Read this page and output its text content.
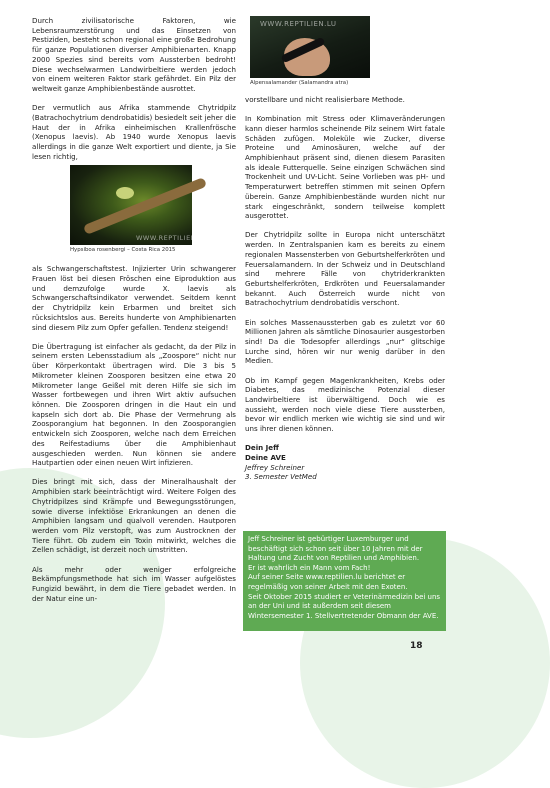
Durch zivilisatorische Faktoren, wie Lebensraumzerstörung und das Einsetzen von Pestiziden, besteht schon regional eine große Bedrohung für ganze Populationen diverser Amphibienarten. Knapp 2000 Spezies sind bereits vom Aussterben bedroht! Diese wechselwarmen Landwirbeltiere werden jedoch von einem weiteren Faktor stark gefährdet. Ein Pilz der weltweit ganze Amphibienbestände ausrottet.

Der vermutlich aus Afrika stammende Chytridpilz (Batrachochytrium dendrobatidis) besiedelt seit jeher die Haut der in Afrika einheimischen Krallenfrösche (Xenopus laevis). Ab 1940 wurde Xenopus laevis allerdings in die ganze Welt exportiert und diente, ja Sie lesen richtig,

WWW.REPTILIEN.LU
Hypsiboa rosenbergi – Costa Rica 2015

als Schwangerschaftstest. Injizierter Urin schwangerer Frauen löst bei diesen Fröschen eine Eiproduktion aus und demzufolge wurde X. laevis als Schwangerschaftsindikator verwendet. Seitdem kennt der Chytridpilz kein Erbarmen und breitet sich rücksichtslos aus. Bereits hunderte von Amphibienarten sind diesem Pilz zum Opfer gefallen. Tendenz steigend!

Die Übertragung ist einfacher als gedacht, da der Pilz in seinem ersten Lebensstadium als „Zoospore“ nicht nur über Körperkontakt übertragen wird. Die 3 bis 5 Mikrometer kleinen Zoosporen besitzen eine etwa 20 Mikrometer lange Geißel mit deren Hilfe sie sich im Wasser fortbewegen und ihren Wirt aktiv aufsuchen können. Die Zoosporen dringen in die Haut ein und kapseln sich dort ab. Die Phase der Vermehrung als Zoosporangium hat begonnen. In den Zoosporangien entwickeln sich Zoosporen, welche nach dem Erreichen des Reifestadiums über die Amphibienhaut ausgeschieden werden. Nun können sie andere Hautpartien oder einen neuen Wirt infizieren.

Dies bringt mit sich, dass der Mineralhaushalt der Amphibien stark beeinträchtigt wird. Weitere Folgen des Chytridpilzes sind Krämpfe und Bewegungsstörungen, sowie diverse infektiöse Erkrankungen an denen die Amphibien langsam und qualvoll verenden. Hautporen werden vom Pilz verstopft, was zum Austrocknen der Tiere führt. Ob zudem ein Toxin mitwirkt, welches die Zellen schädigt, ist derzeit noch umstritten.

Als mehr oder weniger erfolgreiche Bekämpfungsmethode hat sich im Wasser aufgelöstes Fungizid bewährt, in dem die Tiere gebadet werden. In der Natur eine un-

WWW.REPTILIEN.LU
Alpensalamander (Salamandra atra)

vorstellbare und nicht realisierbare Methode.

In Kombination mit Stress oder Klimaveränderungen kann dieser harmlos scheinende Pilz seinem Wirt fatale Schäden zufügen. Moleküle wie Zucker, diverse Proteine und Aminosäuren, welche auf der Amphibienhaut präsent sind, dienen diesem Parasiten als ideale Futterquelle. Seine einzigen Schwächen sind Trockenheit und UV-Licht. Seine Vorlieben was pH- und Temperaturwert betreffen stimmen mit seinen Opfern überein. Ganze Amphibienbestände wurden nicht nur stark eingeschränkt, sondern teilweise komplett ausgerottet.

Der Chytridpilz sollte in Europa nicht unterschätzt werden. In Zentralspanien kam es bereits zu einem regionalen Massensterben von Geburtshelferkröten und Feuersalamandern. In der Schweiz und in Deutschland sind mehrere Fälle von chytriderkrankten Geburtshelferkröten, Erdkröten und Feuersalamander bekannt. Auch Österreich wurde nicht von Batrachochytrium dendrobatidis verschont.

Ein solches Massenaussterben gab es zuletzt vor 60 Millionen Jahren als sämtliche Dinosaurier ausgestorben sind! Da die Todesopfer allerdings „nur“ glitschige Lurche sind, hören wir nur wenig darüber in den Medien.

Ob im Kampf gegen Magenkrankheiten, Krebs oder Diabetes, das medizinische Potenzial dieser Landwirbeltiere ist überwältigend. Doch wie es aussieht, werden noch viele diese Tiere aussterben, bevor wir endlich merken wie wichtig sie sind und wir uns ihrer dienen können.

Dein Jeff
Deine AVE
Jeffrey Schreiner
3. Semester VetMed

Jeff Schreiner ist gebürtiger Luxemburger und beschäftigt sich schon seit über 10 Jahren mit der Haltung und Zucht von Reptilien und Amphibien.

Er ist wahrlich ein Mann vom Fach!

Auf seiner Seite www.reptilien.lu berichtet er regelmäßig von seiner Arbeit mit den Exoten.

Seit Oktober 2015 studiert er Veterinärmedizin bei uns an der Uni und ist außerdem seit diesem Wintersemester 1. Stellvertretender Obmann der AVE.

18
